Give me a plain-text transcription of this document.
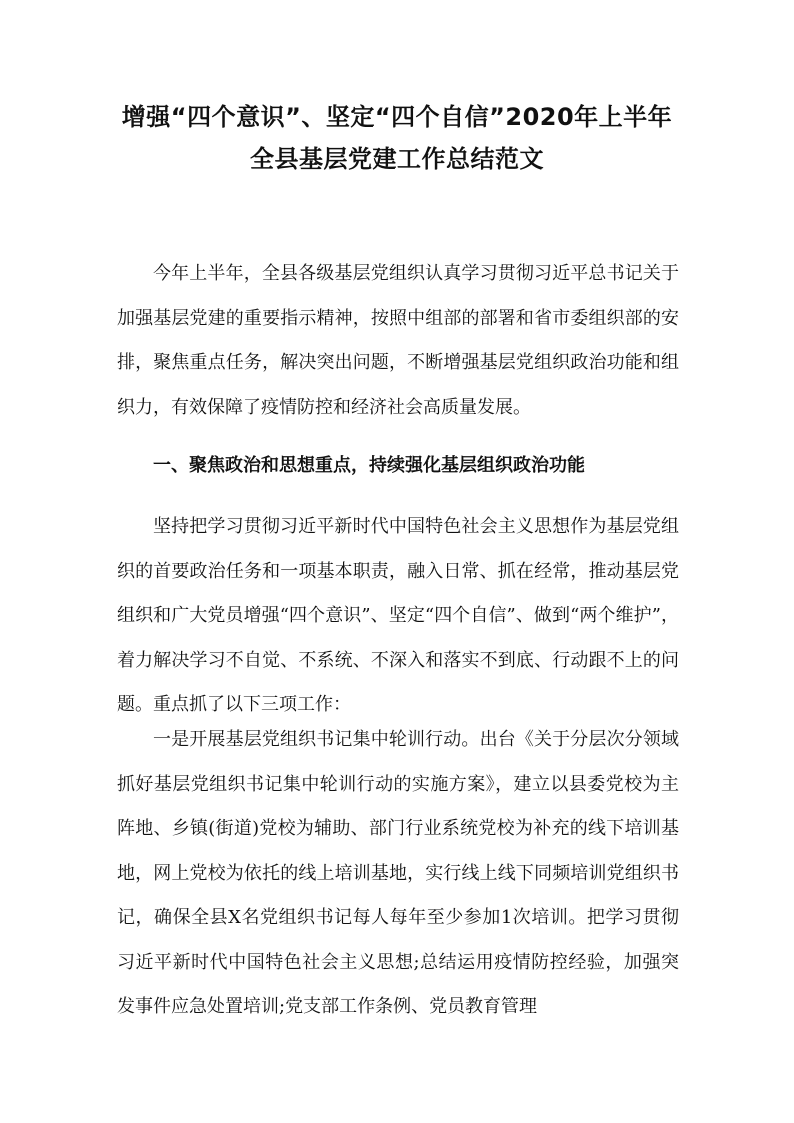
增强“四个意识”、坚定“四个自信”2020年上半年
全县基层党建工作总结范文

今年上半年，全县各级基层党组织认真学习贯彻习近平总书记关于加强基层党建的重要指示精神，按照中组部的部署和省市委组织部的安排，聚焦重点任务，解决突出问题，不断增强基层党组织政治功能和组织力，有效保障了疫情防控和经济社会高质量发展。

一、聚焦政治和思想重点，持续强化基层组织政治功能

坚持把学习贯彻习近平新时代中国特色社会主义思想作为基层党组织的首要政治任务和一项基本职责，融入日常、抓在经常，推动基层党组织和广大党员增强“四个意识”、坚定“四个自信”、做到“两个维护”，着力解决学习不自觉、不系统、不深入和落实不到底、行动跟不上的问题。重点抓了以下三项工作：

一是开展基层党组织书记集中轮训行动。出台《关于分层次分领域抓好基层党组织书记集中轮训行动的实施方案》，建立以县委党校为主阵地、乡镇(街道)党校为辅助、部门行业系统党校为补充的线下培训基地，网上党校为依托的线上培训基地，实行线上线下同频培训党组织书记，确保全县X名党组织书记每人每年至少参加1次培训。把学习贯彻习近平新时代中国特色社会主义思想;总结运用疫情防控经验，加强突发事件应急处置培训;党支部工作条例、党员教育管理
